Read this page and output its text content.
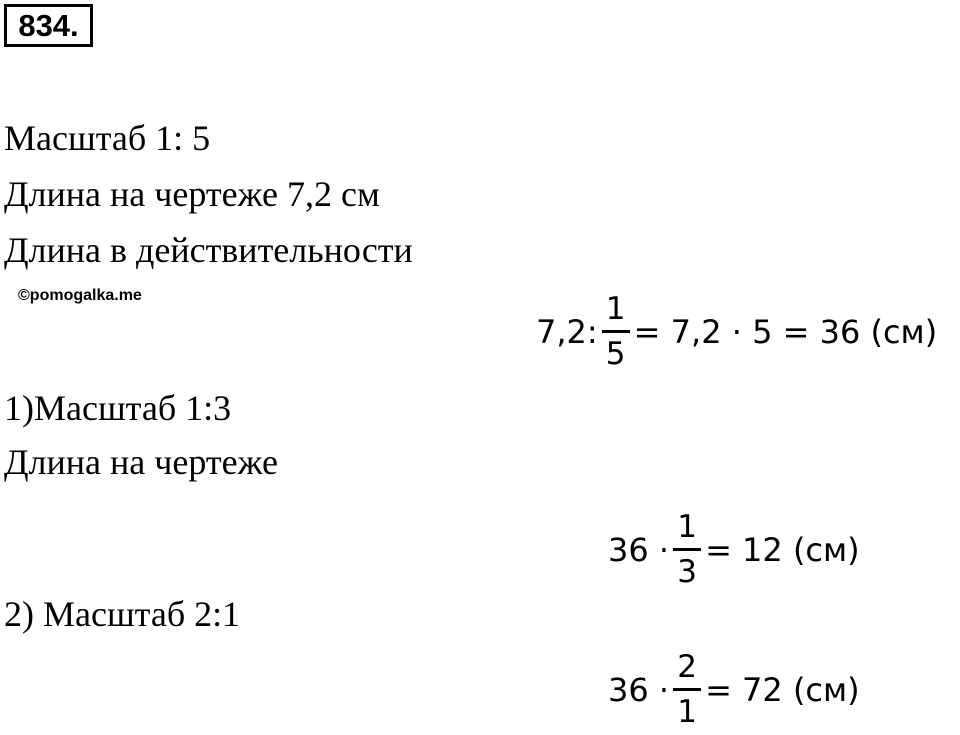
834.
Масштаб 1: 5
Длина на чертеже 7,2 см
Длина в действительности
©pomogalka.me
7,2: $\frac{1}{5} = 7,2 \cdot 5 = 36$ (см)
1)Масштаб 1:3
Длина на чертеже
$36 \cdot \frac{1}{3} = 12$ (см)
2) Масштаб 2:1
$36 \cdot \frac{2}{1} = 72$ (см)
